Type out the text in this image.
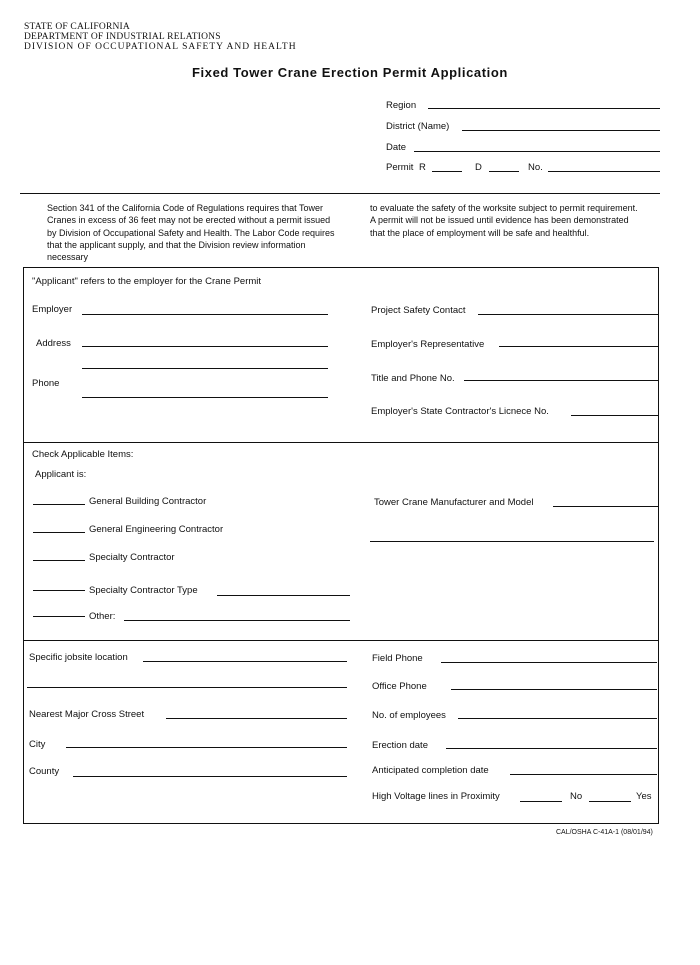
STATE OF CALIFORNIA
DEPARTMENT OF INDUSTRIAL RELATIONS
DIVISION OF OCCUPATIONAL SAFETY AND HEALTH
Fixed Tower Crane Erection Permit Application
Region
District (Name)
Date
Permit R	D	No.
Section 341 of the California Code of Regulations requires that Tower Cranes in excess of 36 feet may not be erected without a permit issued by Division of Occupational Safety and Health. The Labor Code requires that the applicant supply, and that the Division review information necessary
to evaluate the safety of the worksite subject to permit requirement. A permit will not be issued until evidence has been demonstrated that the place of employment will be safe and healthful.
"Applicant" refers to the employer for the Crane Permit
Employer
Address
Phone
Project Safety Contact
Employer's Representative
Title and Phone No.
Employer's State Contractor's Licnece No.
Check Applicable Items:
Applicant is:
General Building Contractor
General Engineering Contractor
Specialty Contractor
Specialty Contractor Type
Other:
Tower Crane Manufacturer and Model
Specific jobsite location
Nearest Major Cross Street
City
County
Field Phone
Office Phone
No. of employees
Erection date
Anticipated completion date
High Voltage lines in Proximity	No	Yes
CAL/OSHA C-41A-1 (08/01/94)
